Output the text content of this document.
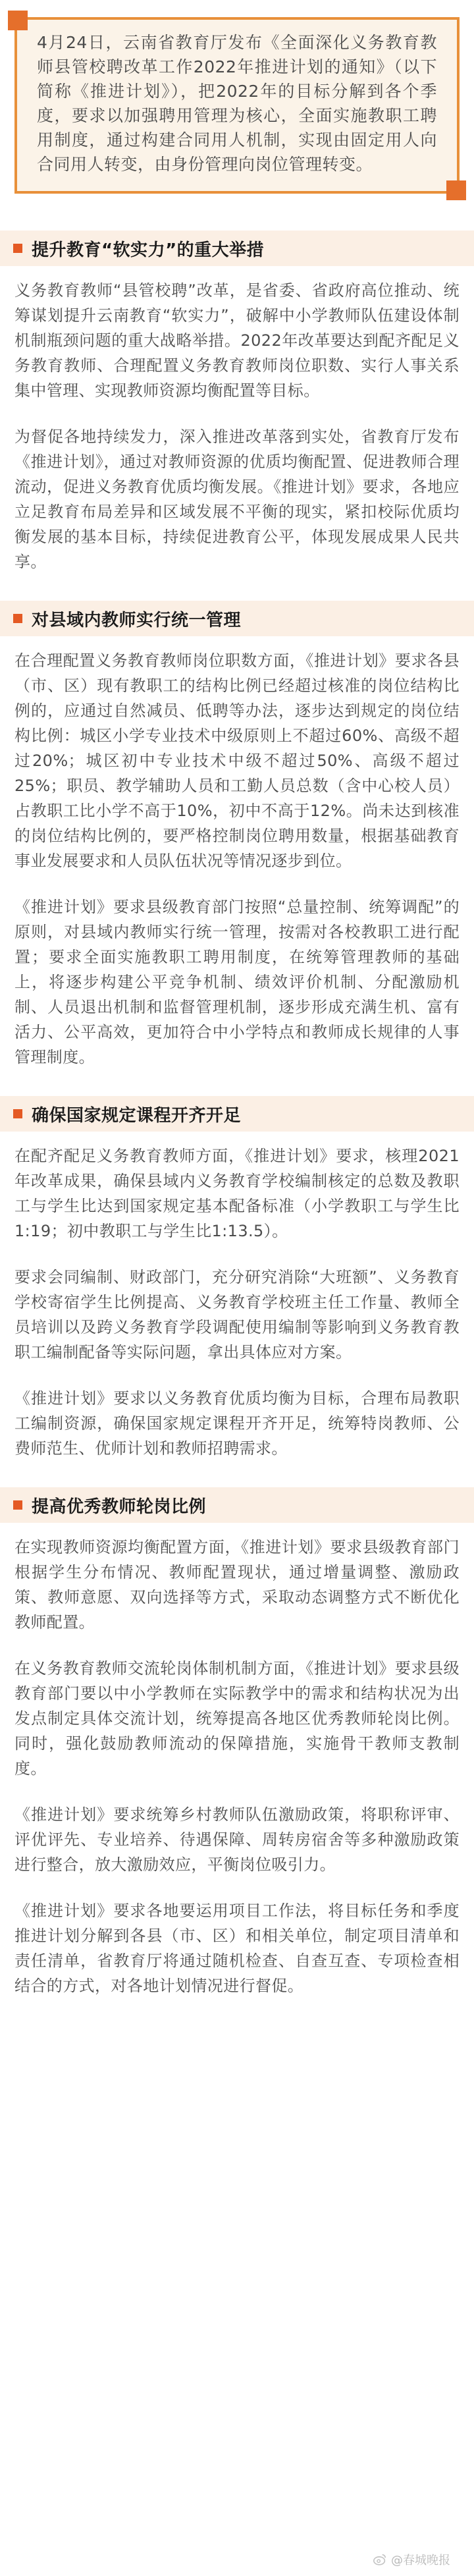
4月24日，云南省教育厅发布《全面深化义务教育教师县管校聘改革工作2022年推进计划的通知》（以下简称《推进计划》），把2022年的目标分解到各个季度，要求以加强聘用管理为核心，全面实施教职工聘用制度，通过构建合同用人机制，实现由固定用人向合同用人转变，由身份管理向岗位管理转变。

提升教育“软实力”的重大举措

义务教育教师“县管校聘”改革，是省委、省政府高位推动、统筹谋划提升云南教育“软实力”，破解中小学教师队伍建设体制机制瓶颈问题的重大战略举措。2022年改革要达到配齐配足义务教育教师、合理配置义务教育教师岗位职数、实行人事关系集中管理、实现教师资源均衡配置等目标。

为督促各地持续发力，深入推进改革落到实处，省教育厅发布《推进计划》，通过对教师资源的优质均衡配置、促进教师合理流动，促进义务教育优质均衡发展。《推进计划》要求，各地应立足教育布局差异和区域发展不平衡的现实，紧扣校际优质均衡发展的基本目标，持续促进教育公平，体现发展成果人民共享。

对县域内教师实行统一管理

在合理配置义务教育教师岗位职数方面，《推进计划》要求各县（市、区）现有教职工的结构比例已经超过核准的岗位结构比例的，应通过自然减员、低聘等办法，逐步达到规定的岗位结构比例：城区小学专业技术中级原则上不超过60%、高级不超过20%；城区初中专业技术中级不超过50%、高级不超过25%；职员、教学辅助人员和工勤人员总数（含中心校人员）占教职工比小学不高于10%，初中不高于12%。尚未达到核准的岗位结构比例的，要严格控制岗位聘用数量，根据基础教育事业发展要求和人员队伍状况等情况逐步到位。

《推进计划》要求县级教育部门按照“总量控制、统筹调配”的原则，对县域内教师实行统一管理，按需对各校教职工进行配置；要求全面实施教职工聘用制度，在统筹管理教师的基础上，将逐步构建公平竞争机制、绩效评价机制、分配激励机制、人员退出机制和监督管理机制，逐步形成充满生机、富有活力、公平高效，更加符合中小学特点和教师成长规律的人事管理制度。

确保国家规定课程开齐开足

在配齐配足义务教育教师方面，《推进计划》要求，核理2021年改革成果，确保县域内义务教育学校编制核定的总数及教职工与学生比达到国家规定基本配备标准（小学教职工与学生比1:19；初中教职工与学生比1:13.5）。

要求会同编制、财政部门，充分研究消除“大班额”、义务教育学校寄宿学生比例提高、义务教育学校班主任工作量、教师全员培训以及跨义务教育学段调配使用编制等影响到义务教育教职工编制配备等实际问题，拿出具体应对方案。

《推进计划》要求以义务教育优质均衡为目标，合理布局教职工编制资源，确保国家规定课程开齐开足，统筹特岗教师、公费师范生、优师计划和教师招聘需求。

提高优秀教师轮岗比例

在实现教师资源均衡配置方面，《推进计划》要求县级教育部门根据学生分布情况、教师配置现状，通过增量调整、激励政策、教师意愿、双向选择等方式，采取动态调整方式不断优化教师配置。

在义务教育教师交流轮岗体制机制方面，《推进计划》要求县级教育部门要以中小学教师在实际教学中的需求和结构状况为出发点制定具体交流计划，统筹提高各地区优秀教师轮岗比例。同时，强化鼓励教师流动的保障措施，实施骨干教师支教制度。

《推进计划》要求统筹乡村教师队伍激励政策，将职称评审、评优评先、专业培养、待遇保障、周转房宿舍等多种激励政策进行整合，放大激励效应，平衡岗位吸引力。

《推进计划》要求各地要运用项目工作法，将目标任务和季度推进计划分解到各县（市、区）和相关单位，制定项目清单和责任清单，省教育厅将通过随机检查、自查互查、专项检查相结合的方式，对各地计划情况进行督促。

@春城晚报
